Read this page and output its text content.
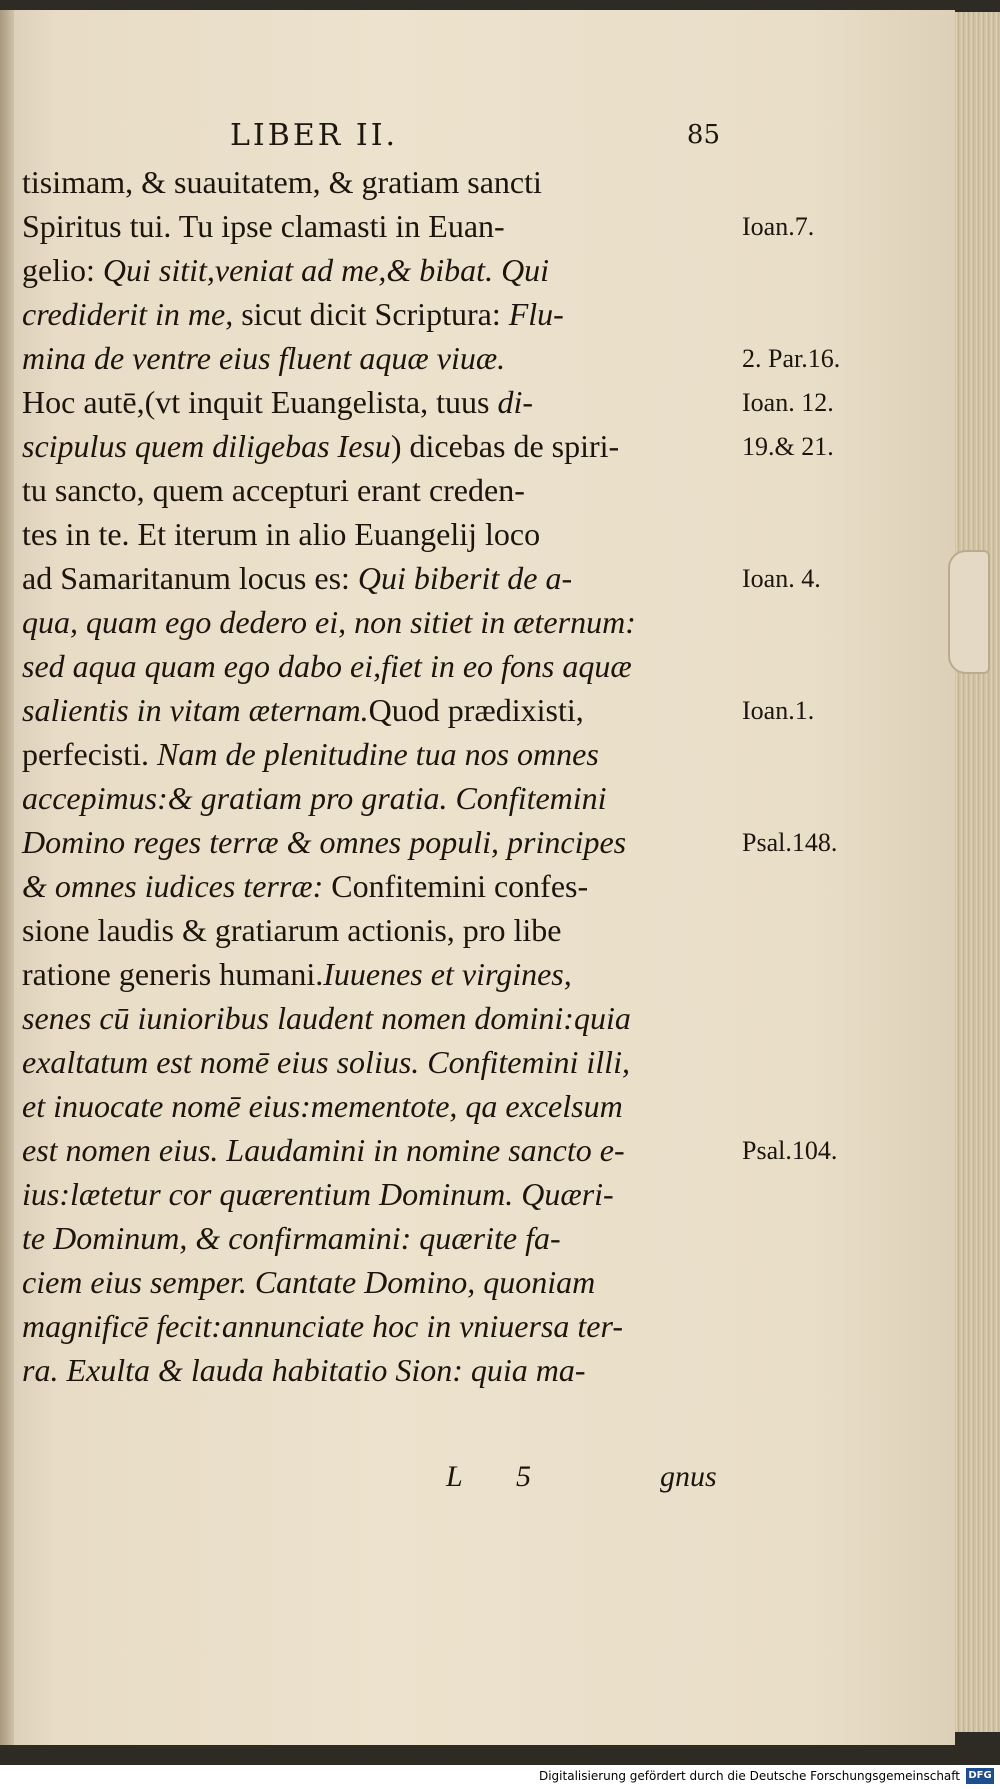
LIBER II.	85
tisimam, & suauitatem, & gratiam sancti
Spiritus tui. Tu ipse clamasti in Euan-
gelio: Qui sitit,veniat ad me,& bibat. Qui
crediderit in me, sicut dicit Scriptura: Flu-
mina de ventre eius fluent aquæ viuæ.
Hoc autē,(vt inquit Euangelista, tuus di-
scipulus quem diligebas Iesu) dicebas de spiri-
tu sancto, quem accepturi erant creden-
tes in te. Et iterum in alio Euangelij loco
ad Samaritanum locus es: Qui biberit de a-
qua, quam ego dedero ei, non sitiet in æternum:
sed aqua quam ego dabo ei,fiet in eo fons aquæ
salientis in vitam æternam.Quod prædixisti,
perfecisti. Nam de plenitudine tua nos omnes
accepimus:& gratiam pro gratia. Confitemini
Domino reges terræ & omnes populi, principes
& omnes iudices terræ: Confitemini confes-
sione laudis & gratiarum actionis, pro libe
ratione generis humani.Iuuenes et virgines,
senes cū iunioribus laudent nomen domini:quia
exaltatum est nomē eius solius. Confitemini illi,
et inuocate nomē eius:mementote, qa excelsum
est nomen eius. Laudamini in nomine sancto e-
ius:lætetur cor quærentium Dominum. Quæri-
te Dominum, & confirmamini: quærite fa-
ciem eius semper. Cantate Domino, quoniam
magnificē fecit:annunciate hoc in vniuersa ter-
ra. Exulta & lauda habitatio Sion: quia ma-
Ioan.7.
2. Par.16.
Ioan. 12.
19.& 21.
Ioan. 4.
Ioan.1.
Psal.148.
Psal.104.
L 5	gnus
Digitalisierung gefördert durch die Deutsche Forschungsgemeinschaft DFG
